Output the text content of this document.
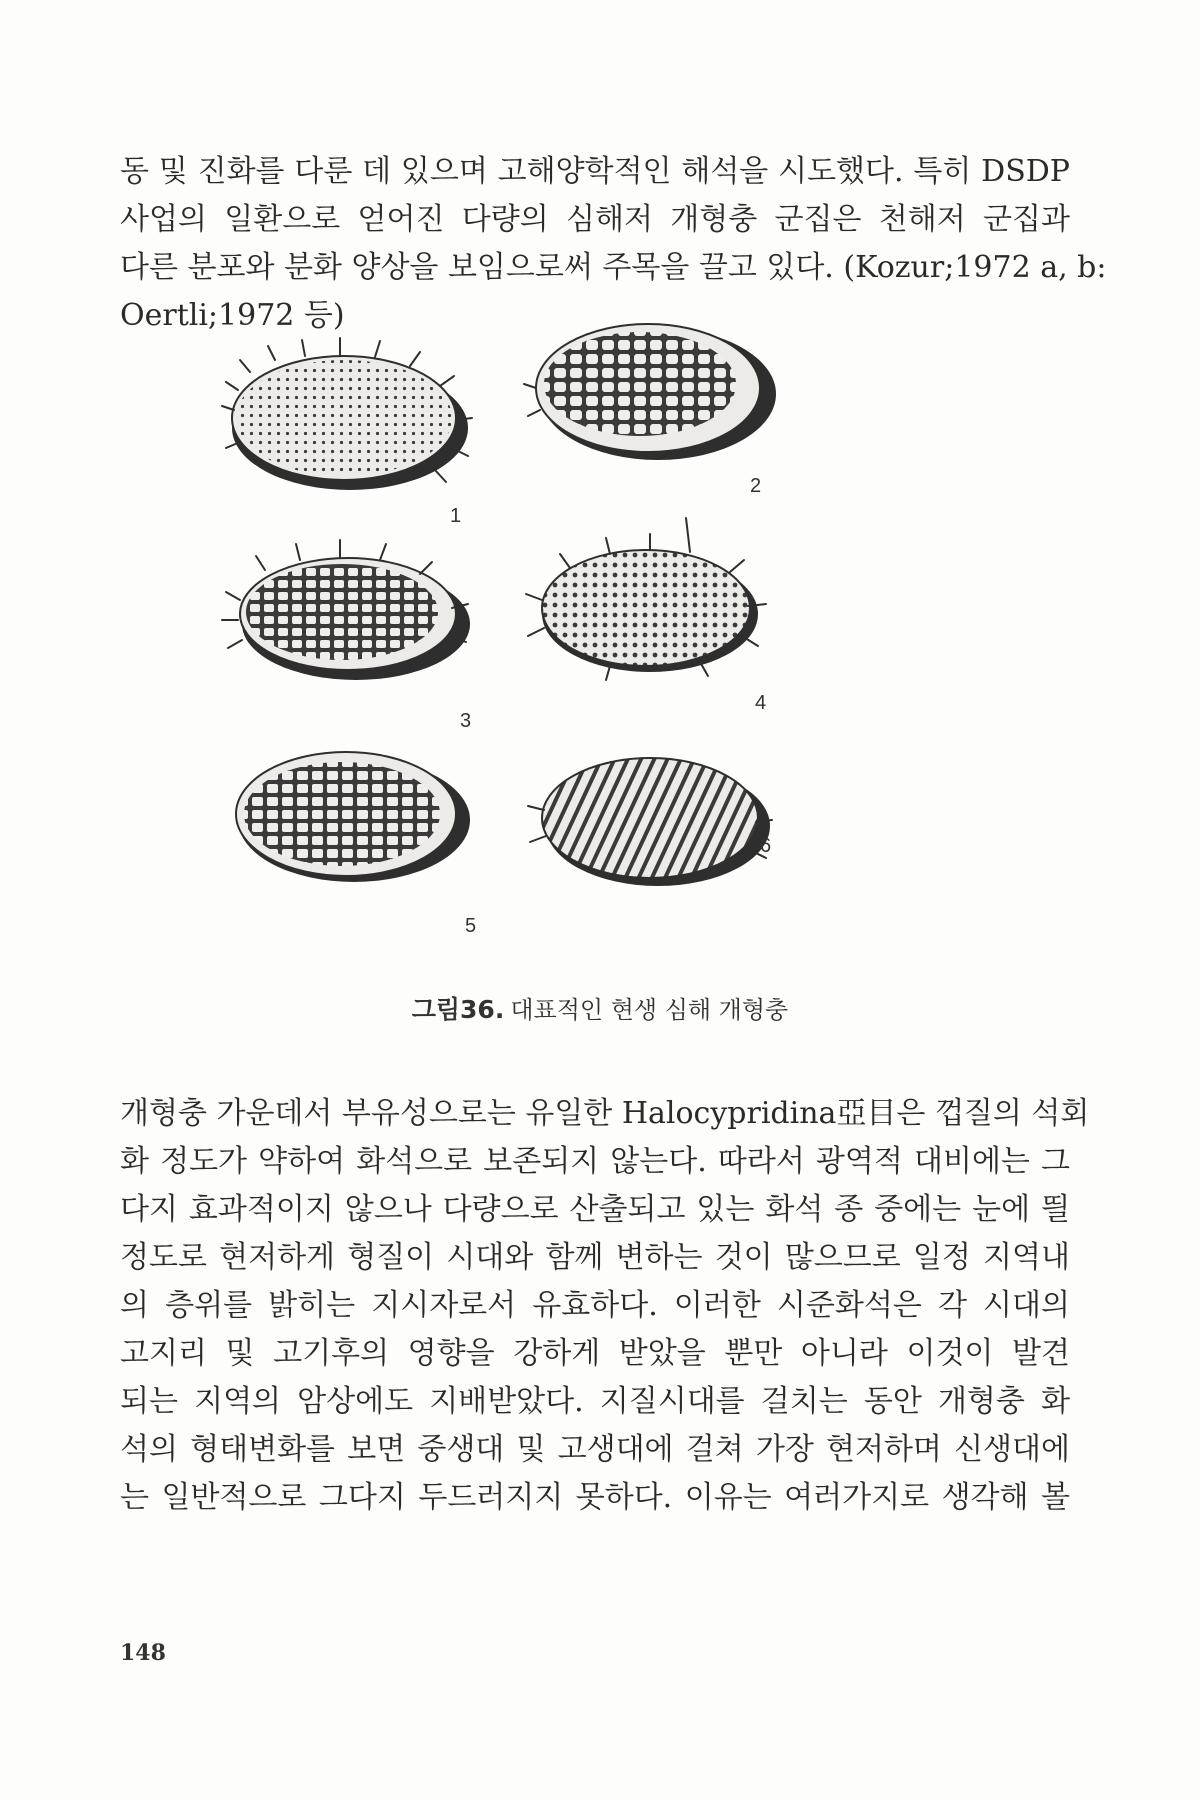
동 및 진화를 다룬 데 있으며 고해양학적인 해석을 시도했다. 특히 DSDP
사업의 일환으로 얻어진 다량의 심해저 개형충 군집은 천해저 군집과
다른 분포와 분화 양상을 보임으로써 주목을 끌고 있다. (Kozur;1972 a, b:
Oertli;1972 등)
1
2
3
4
5
6
그림36. 대표적인 현생 심해 개형충
개형충 가운데서 부유성으로는 유일한 Halocypridina亞目은 껍질의 석회
화 정도가 약하여 화석으로 보존되지 않는다. 따라서 광역적 대비에는 그
다지 효과적이지 않으나 다량으로 산출되고 있는 화석 종 중에는 눈에 띌
정도로 현저하게 형질이 시대와 함께 변하는 것이 많으므로 일정 지역내
의 층위를 밝히는 지시자로서 유효하다. 이러한 시준화석은 각 시대의
고지리 및 고기후의 영향을 강하게 받았을 뿐만 아니라 이것이 발견
되는 지역의 암상에도 지배받았다. 지질시대를 걸치는 동안 개형충 화
석의 형태변화를 보면 중생대 및 고생대에 걸쳐 가장 현저하며 신생대에
는 일반적으로 그다지 두드러지지 못하다. 이유는 여러가지로 생각해 볼
148
